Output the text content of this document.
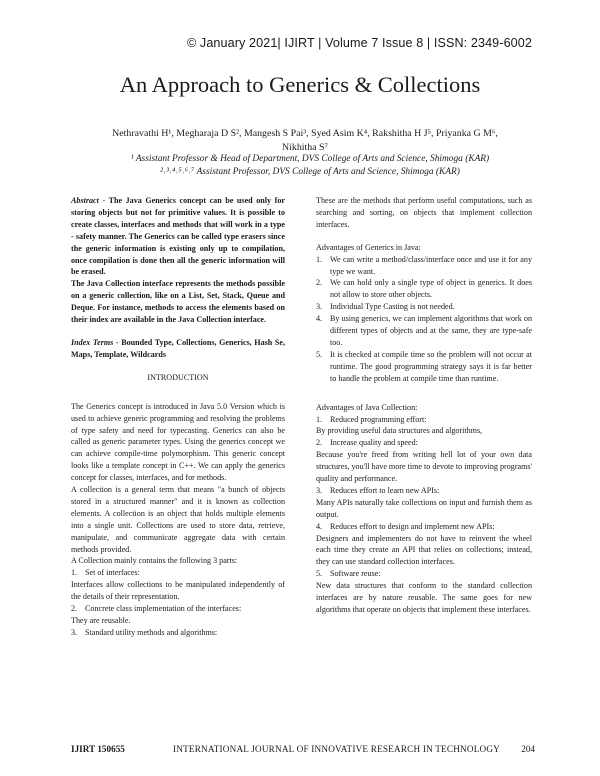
© January 2021| IJIRT | Volume 7 Issue 8 | ISSN: 2349-6002
An Approach to Generics & Collections
Nethravathi H¹, Megharaja D S², Mangesh S Pai³, Syed Asim K⁴, Rakshitha H J⁵, Priyanka G M⁶,
Nikhitha S⁷
¹ Assistant Professor & Head of Department, DVS College of Arts and Science, Shimoga (KAR)
²˒³˒⁴˒⁵˒⁶˒⁷ Assistant Professor, DVS College of Arts and Science, Shimoga (KAR)

Abstract - The Java Generics concept can be used only for storing objects but not for primitive values. It is possible to create classes, interfaces and methods that will work in a type - safety manner. The Generics can be called type erasers since the generic information is existing only up to compilation, once compilation is done then all the generic information will be erased.

The Java Collection interface represents the methods possible on a generic collection, like on a List, Set, Stack, Queue and Deque. For instance, methods to access the elements based on their index are available in the Java Collection interface.

Index Terms - Bounded Type, Collections, Generics, Hash Se, Maps, Template, Wildcards

INTRODUCTION

The Generics concept is introduced in Java 5.0 Version which is used to achieve generic programming and resolving the problems of type safety and need for typecasting. Generics can also be called as generic parameter types. Using the generics concept we can achieve compile-time polymorphism. This generic concept looks like a template concept in C++. We can apply the generics concept for classes, interfaces, and for methods.

A collection is a general term that means "a bunch of objects stored in a structured manner" and it is known as collection elements. A collection is an object that holds multiple elements into a single unit. Collections are used to store data, retrieve, manipulate, and communicate aggregate data with certain methods provided.

A Collection mainly contains the following 3 parts:

1. Set of interfaces:

Interfaces allow collections to be manipulated independently of the details of their representation.

2. Concrete class implementation of the interfaces:

They are reusable.

3. Standard utility methods and algorithms:

These are the methods that perform useful computations, such as searching and sorting, on objects that implement collection interfaces.

Advantages of Generics in Java:

1. We can write a method/class/interface once and use it for any type we want.
2. We can hold only a single type of object in generics. It does not allow to store other objects.
3. Individual Type Casting is not needed.
4. By using generics, we can implement algorithms that work on different types of objects and at the same, they are type-safe too.
5. It is checked at compile time so the problem will not occur at runtime. The good programming strategy says it is far better to handle the problem at compile time than runtime.

Advantages of Java Collection:

1. Reduced programming effort:

By providing useful data structures and algorithms,

2. Increase quality and speed:

Because you're freed from writing hell lot of your own data structures, you'll have more time to devote to improving programs' quality and performance.

3. Reduces effort to learn new APIs:

Many APIs naturally take collections on input and furnish them as output.

4. Reduces effort to design and implement new APIs:

Designers and implementers do not have to reinvent the wheel each time they create an API that relies on collections; instead, they can use standard collection interfaces.

5. Software reuse:

New data structures that conform to the standard collection interfaces are by nature reusable. The same goes for new algorithms that operate on objects that implement these interfaces.

IJIRT 150655	INTERNATIONAL JOURNAL OF INNOVATIVE RESEARCH IN TECHNOLOGY 204
